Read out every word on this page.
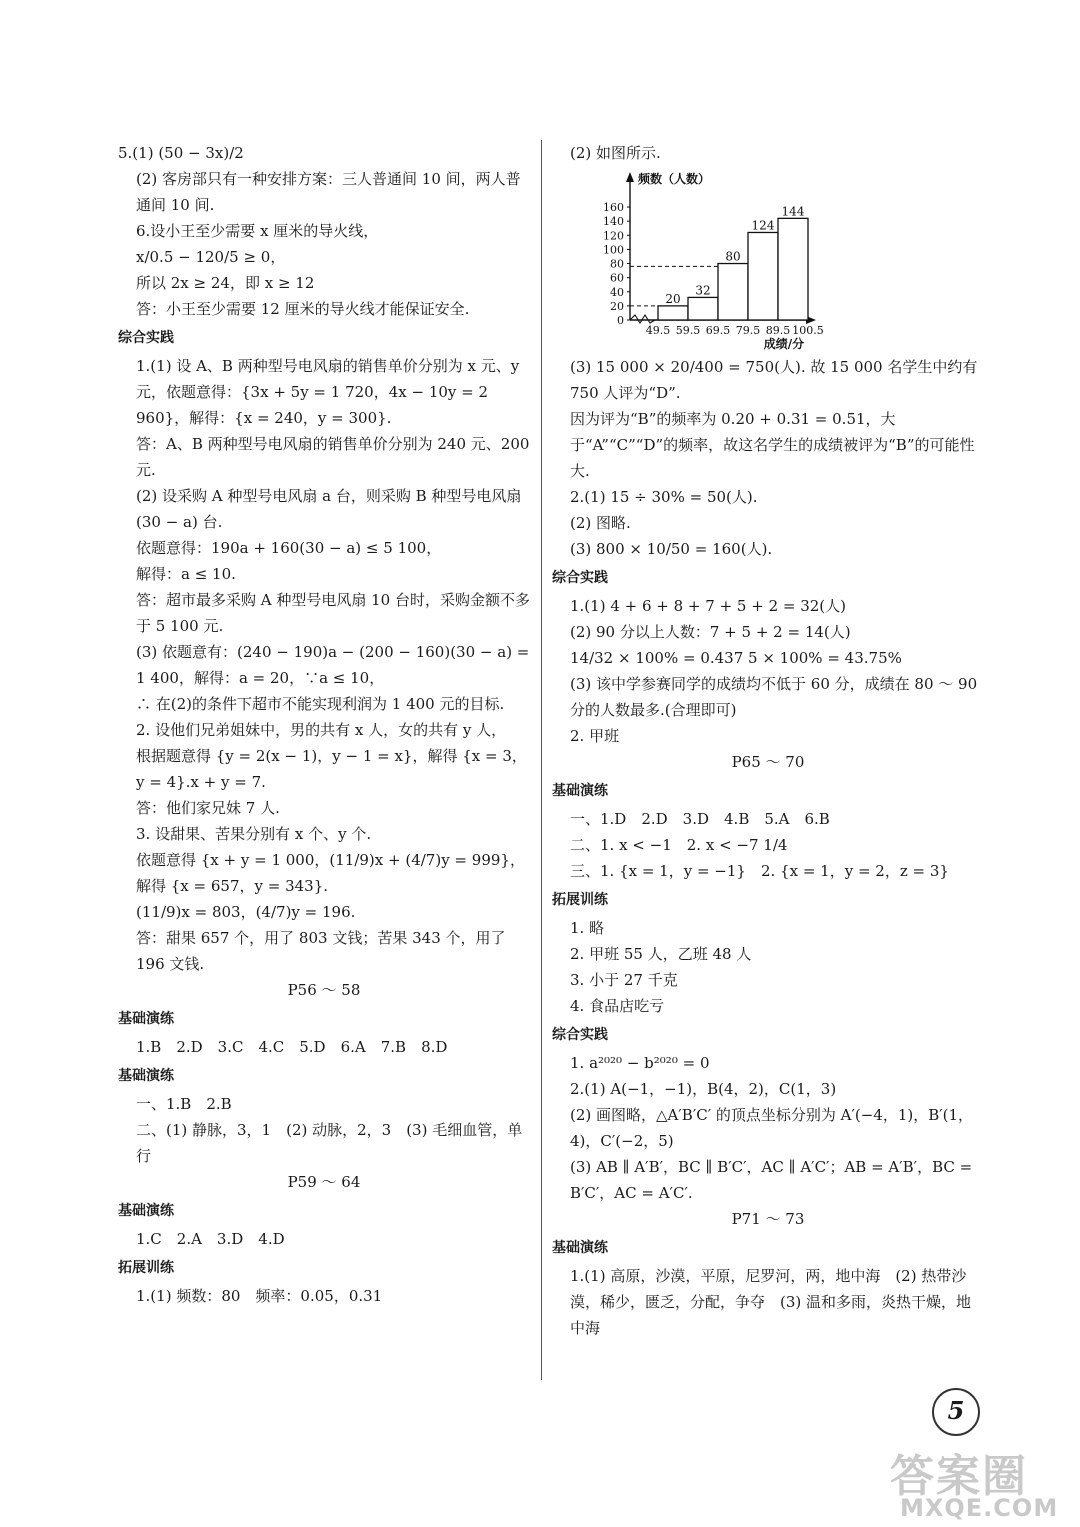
5.(1) (50 − 3x)/2
(2) 客房部只有一种安排方案：三人普通间 10 间，两人普通间 10 间.
6.设小王至少需要 x 厘米的导火线，
x/0.5 − 120/5 ≥ 0，
所以 2x ≥ 24，即 x ≥ 12
答：小王至少需要 12 厘米的导火线才能保证安全.
综合实践
1.(1) 设 A、B 两种型号电风扇的销售单价分别为 x 元、y 元，依题意得：{3x + 5y = 1 720，4x − 10y = 2 960}，解得：{x = 240，y = 300}.
答：A、B 两种型号电风扇的销售单价分别为 240 元、200 元.
(2) 设采购 A 种型号电风扇 a 台，则采购 B 种型号电风扇 (30 − a) 台.
依题意得：190a + 160(30 − a) ≤ 5 100，
解得：a ≤ 10.
答：超市最多采购 A 种型号电风扇 10 台时，采购金额不多于 5 100 元.
(3) 依题意有：(240 − 190)a − (200 − 160)(30 − a) = 1 400，解得：a = 20，∵a ≤ 10，
∴ 在(2)的条件下超市不能实现利润为 1 400 元的目标.
2. 设他们兄弟姐妹中，男的共有 x 人，女的共有 y 人，
根据题意得 {y = 2(x − 1)，y − 1 = x}，解得 {x = 3，y = 4}.x + y = 7.
答：他们家兄妹 7 人.
3. 设甜果、苦果分别有 x 个、y 个.
依题意得 {x + y = 1 000，(11/9)x + (4/7)y = 999}，解得 {x = 657，y = 343}.
(11/9)x = 803，(4/7)y = 196.
答：甜果 657 个，用了 803 文钱；苦果 343 个，用了 196 文钱.
P56 ～ 58
基础演练
1.B　2.D　3.C　4.C　5.D　6.A　7.B　8.D
基础演练
一、1.B　2.B
二、(1) 静脉，3，1　(2) 动脉，2，3　(3) 毛细血管，单行
P59 ～ 64
基础演练
1.C　2.A　3.D　4.D
拓展训练
1.(1) 频数：80　频率：0.05，0.31
(2) 如图所示.
0
20
40
60
80
100
120
140
160
20
32
80
124
144
49.5 59.5 69.5 79.5 89.5 100.5
频数（人数）
成绩/分
(3) 15 000 × 20/400 = 750(人). 故 15 000 名学生中约有 750 人评为“D”.
因为评为“B”的频率为 0.20 + 0.31 = 0.51，大于“A”“C”“D”的频率，故这名学生的成绩被评为“B”的可能性大.
2.(1) 15 ÷ 30% = 50(人).
(2) 图略.
(3) 800 × 10/50 = 160(人).
综合实践
1.(1) 4 + 6 + 8 + 7 + 5 + 2 = 32(人)
(2) 90 分以上人数：7 + 5 + 2 = 14(人)
14/32 × 100% = 0.437 5 × 100% = 43.75%
(3) 该中学参赛同学的成绩均不低于 60 分，成绩在 80 ～ 90 分的人数最多.(合理即可)
2. 甲班
P65 ～ 70
基础演练
一、1.D　2.D　3.D　4.B　5.A　6.B
二、1. x < −1　2. x < −7 1/4
三、1. {x = 1，y = −1}　2. {x = 1，y = 2，z = 3}
拓展训练
1. 略
2. 甲班 55 人，乙班 48 人
3. 小于 27 千克
4. 食品店吃亏
综合实践
1. a²⁰²⁰ − b²⁰²⁰ = 0
2.(1) A(−1，−1)，B(4，2)，C(1，3)
(2) 画图略，△A′B′C′ 的顶点坐标分别为 A′(−4，1)，B′(1，4)，C′(−2，5)
(3) AB ∥ A′B′，BC ∥ B′C′，AC ∥ A′C′；AB = A′B′，BC = B′C′，AC = A′C′.
P71 ～ 73
基础演练
1.(1) 高原，沙漠，平原，尼罗河，两，地中海　(2) 热带沙漠，稀少，匮乏，分配，争夺　(3) 温和多雨，炎热干燥，地中海
5
答案圈
MXQE.COM
